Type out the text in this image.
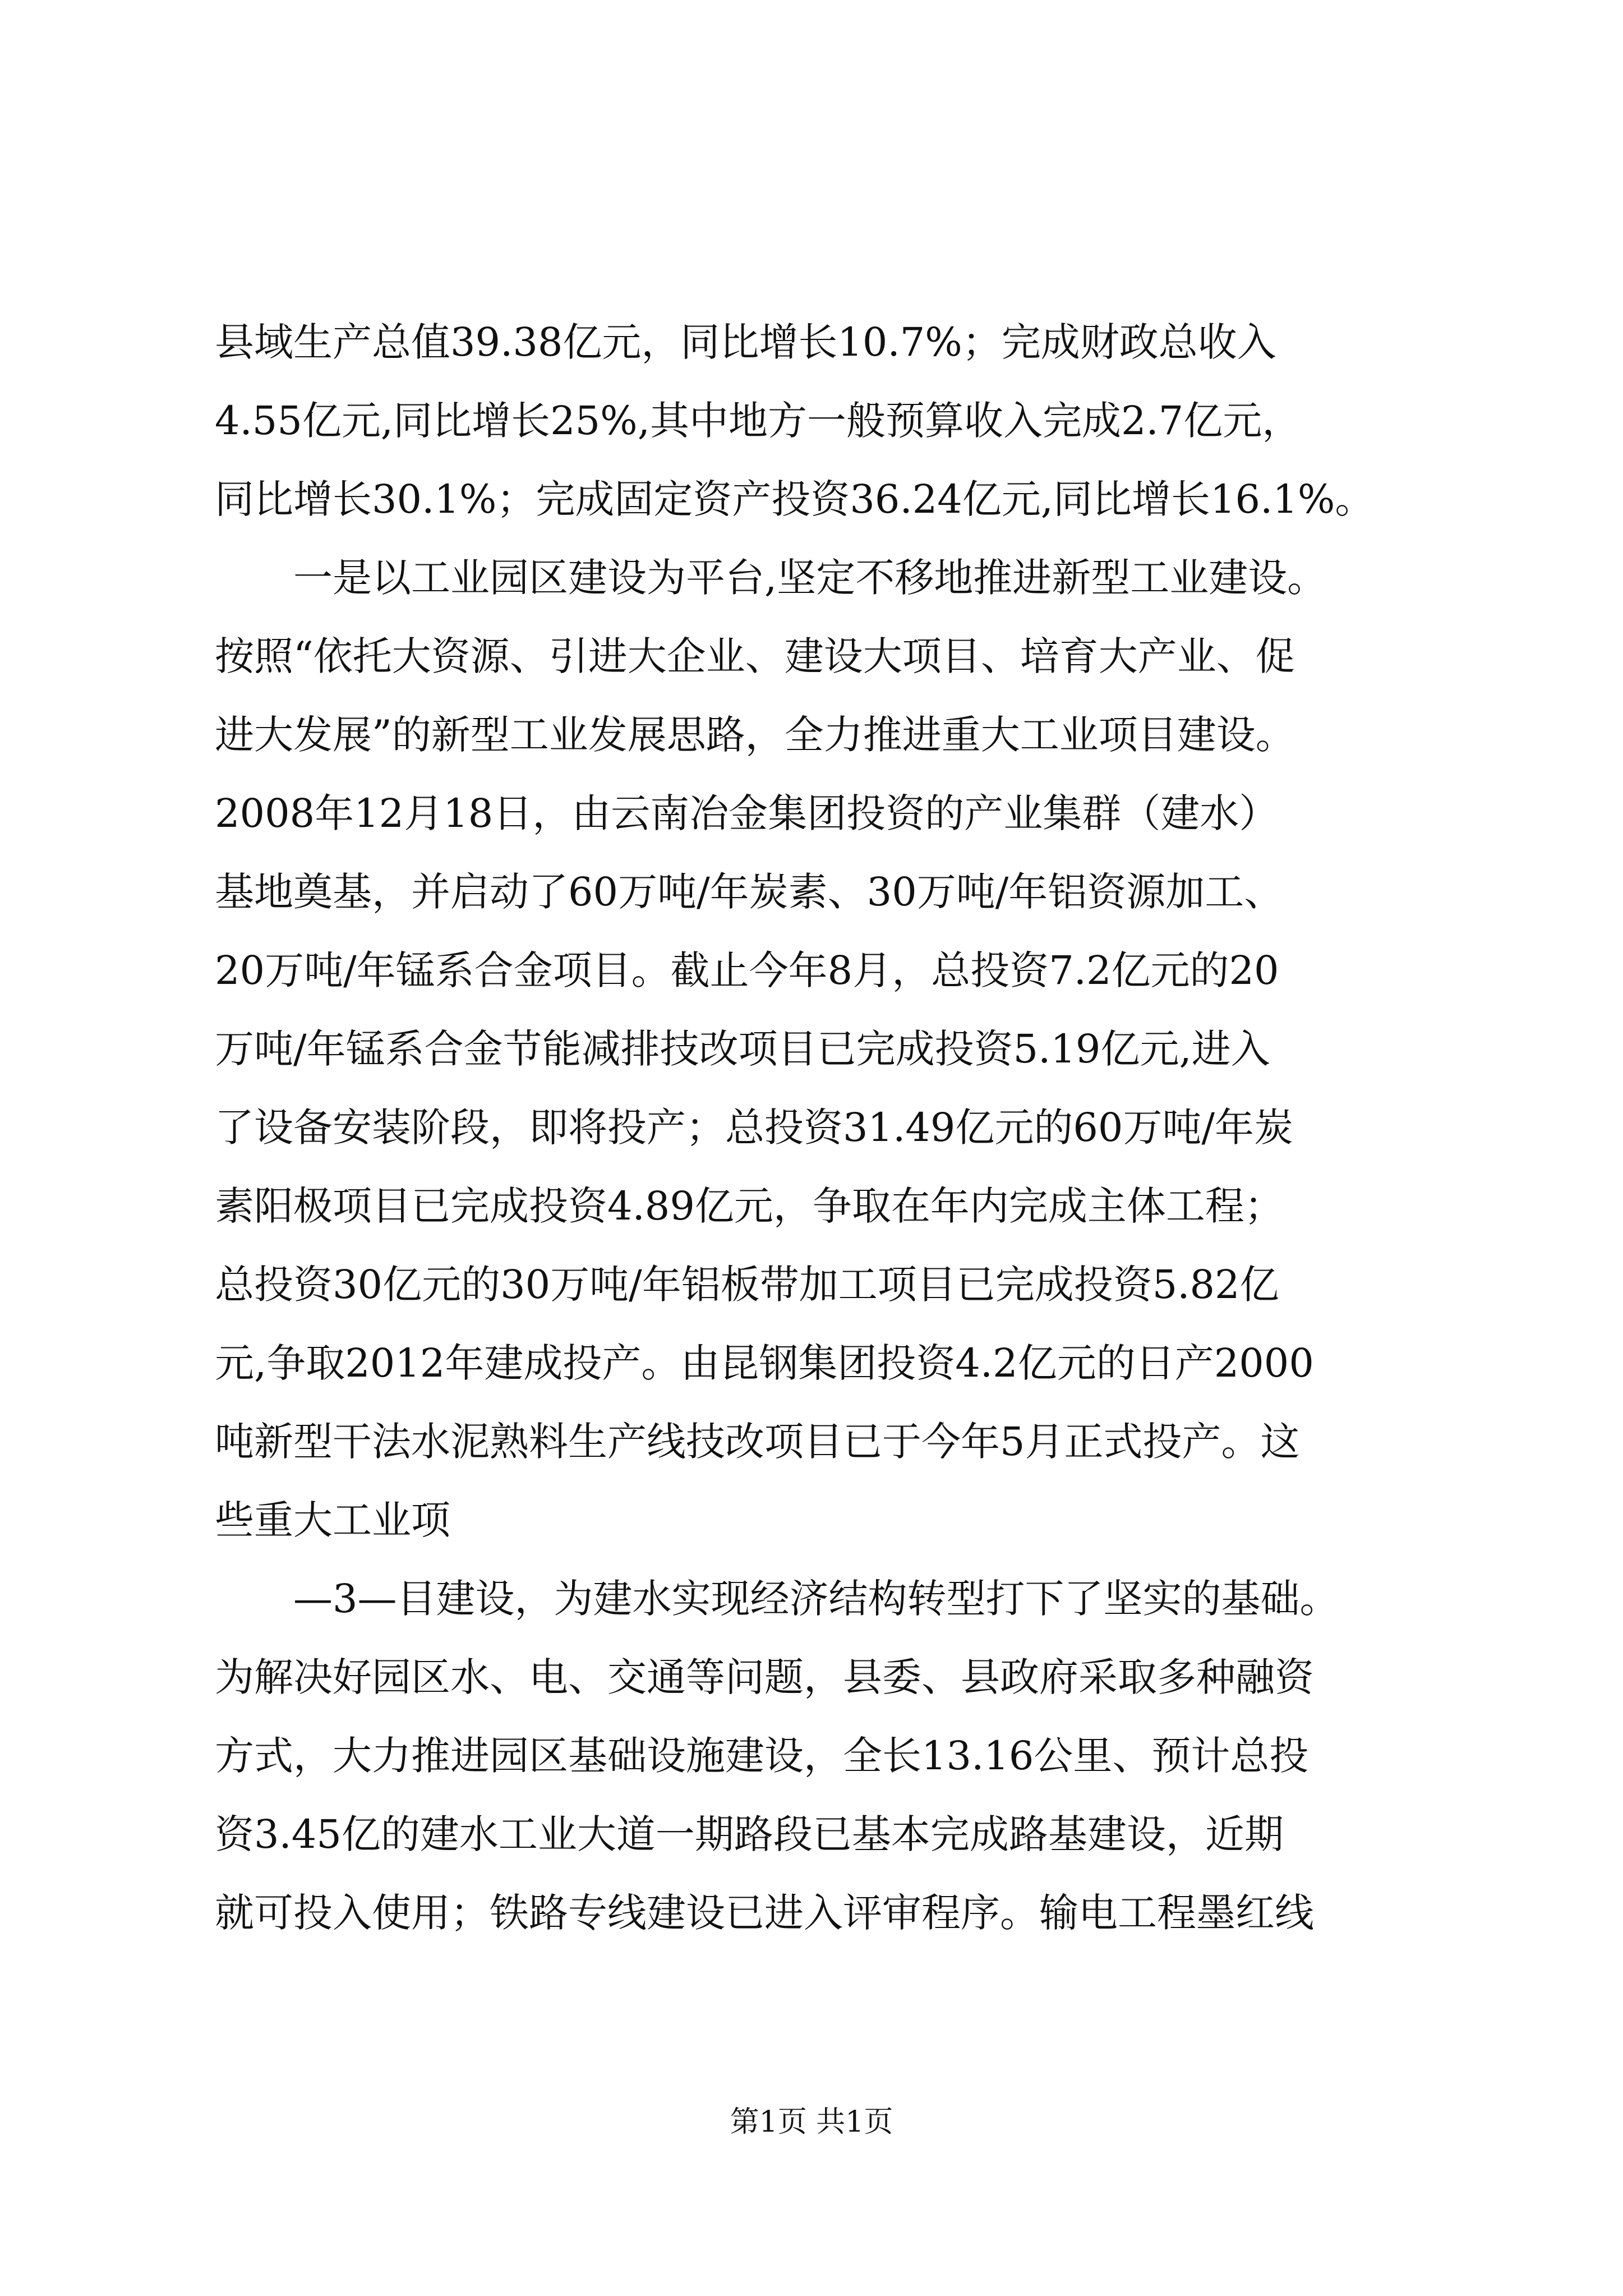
县域生产总值39.38亿元，同比增长10.7%；完成财政总收入
4.55亿元,同比增长25%,其中地方一般预算收入完成2.7亿元，
同比增长30.1%；完成固定资产投资36.24亿元,同比增长16.1%。
　　一是以工业园区建设为平台,坚定不移地推进新型工业建设。
按照“依托大资源、引进大企业、建设大项目、培育大产业、促
进大发展”的新型工业发展思路，全力推进重大工业项目建设。
2008年12月18日，由云南冶金集团投资的产业集群（建水）
基地奠基，并启动了60万吨/年炭素、30万吨/年铝资源加工、
20万吨/年锰系合金项目。截止今年8月，总投资7.2亿元的20
万吨/年锰系合金节能减排技改项目已完成投资5.19亿元,进入
了设备安装阶段，即将投产；总投资31.49亿元的60万吨/年炭
素阳极项目已完成投资4.89亿元，争取在年内完成主体工程；
总投资30亿元的30万吨/年铝板带加工项目已完成投资5.82亿
元,争取2012年建成投产。由昆钢集团投资4.2亿元的日产2000
吨新型干法水泥熟料生产线技改项目已于今年5月正式投产。这
些重大工业项
　　—3—目建设，为建水实现经济结构转型打下了坚实的基础。
为解决好园区水、电、交通等问题，县委、县政府采取多种融资
方式，大力推进园区基础设施建设，全长13.16公里、预计总投
资3.45亿的建水工业大道一期路段已基本完成路基建设，近期
就可投入使用；铁路专线建设已进入评审程序。输电工程墨红线
第1页 共1页
